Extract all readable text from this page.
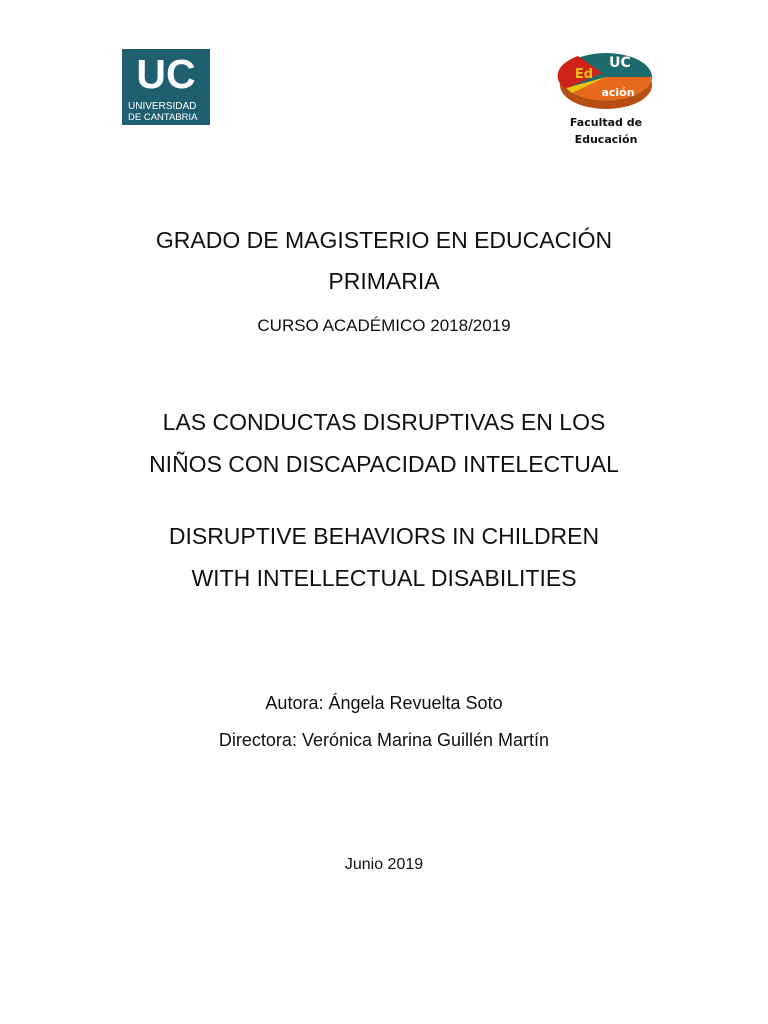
UC
UNIVERSIDAD
DE CANTABRIA
Ed
UC
ación
Facultad de
Educación
GRADO DE MAGISTERIO EN EDUCACIÓN
PRIMARIA
CURSO ACADÉMICO 2018/2019
LAS CONDUCTAS DISRUPTIVAS EN LOS
NIÑOS CON DISCAPACIDAD INTELECTUAL
DISRUPTIVE BEHAVIORS IN CHILDREN
WITH INTELLECTUAL DISABILITIES
Autora: Ángela Revuelta Soto
Directora: Verónica Marina Guillén Martín
Junio 2019
